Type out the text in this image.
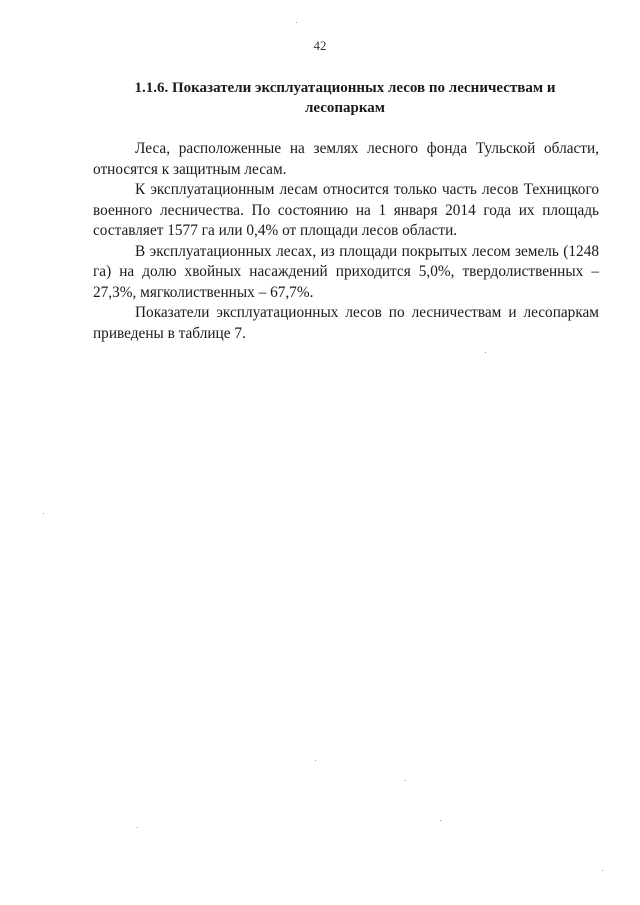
42
1.1.6. Показатели эксплуатационных лесов по лесничествам и
лесопаркам

Леса, расположенные на землях лесного фонда Тульской области, относятся к защитным лесам.

К эксплуатационным лесам относится только часть лесов Техницкого военного лесничества. По состоянию на 1 января 2014 года их площадь составляет 1577 га или 0,4% от площади лесов области.

В эксплуатационных лесах, из площади покрытых лесом земель (1248 га) на долю хвойных насаждений приходится 5,0%, твердолиственных – 27,3%, мягколиственных – 67,7%.

Показатели эксплуатационных лесов по лесничествам и лесопаркам приведены в таблице 7.
